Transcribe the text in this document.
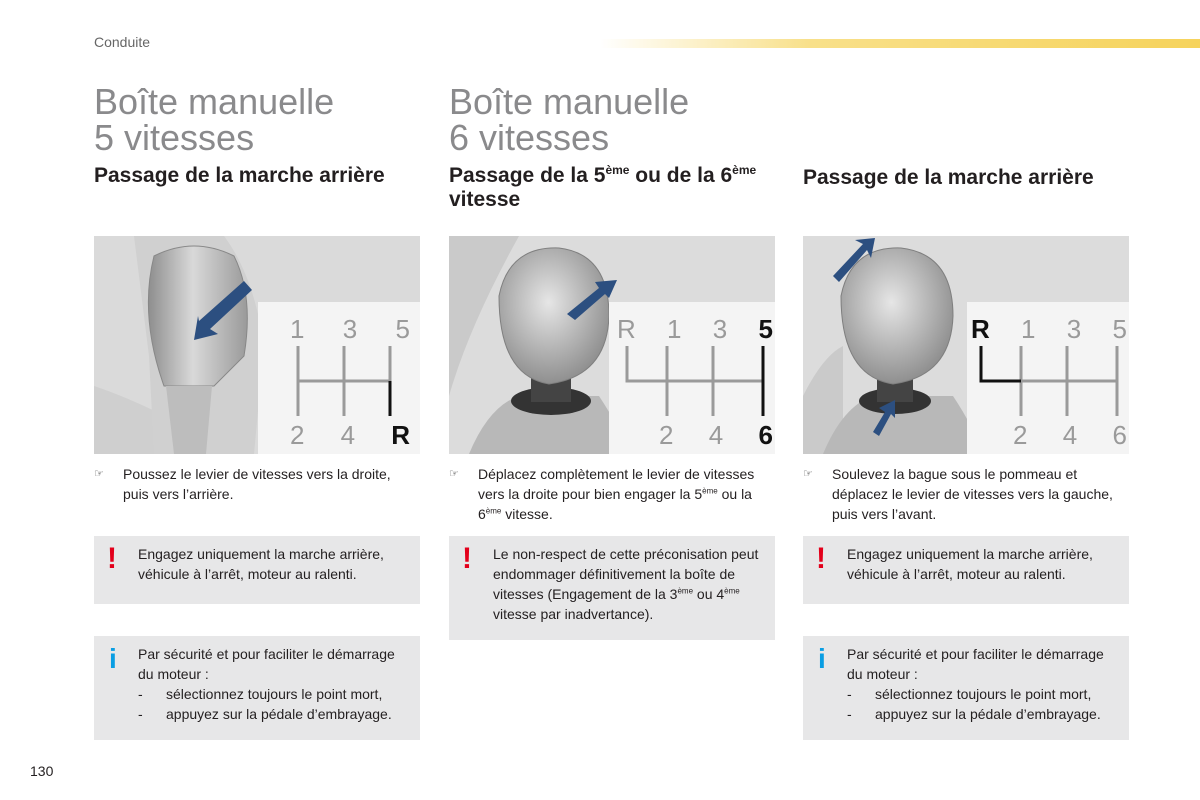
Conduite
Boîte manuelle
5 vitesses
Boîte manuelle
6 vitesses
Passage de la marche arrière	Passage de la 5ème ou de la 6ème vitesse
Passage de la marche arrière
1 3 5
2 4 R
R 1 3 5
2 4 6
R 1 3 5
2 4 6
☞ Poussez le levier de vitesses vers la droite, puis vers l’arrière.
☞ Déplacez complètement le levier de vitesses vers la droite pour bien engager la 5ème ou la 6ème vitesse.
☞ Soulevez la bague sous le pommeau et déplacez le levier de vitesses vers la gauche, puis vers l’avant.
! Engagez uniquement la marche arrière, véhicule à l’arrêt, moteur au ralenti.	! Le non-respect de cette préconisation peut endommager définitivement la boîte de vitesses (Engagement de la 3ème ou 4ème vitesse par inadvertance).
! Engagez uniquement la marche arrière, véhicule à l’arrêt, moteur au ralenti.
i Par sécurité et pour faciliter le démarrage du moteur :
- sélectionnez toujours le point mort,
- appuyez sur la pédale d’embrayage.
i Par sécurité et pour faciliter le démarrage du moteur :
- sélectionnez toujours le point mort,
- appuyez sur la pédale d’embrayage.
130
